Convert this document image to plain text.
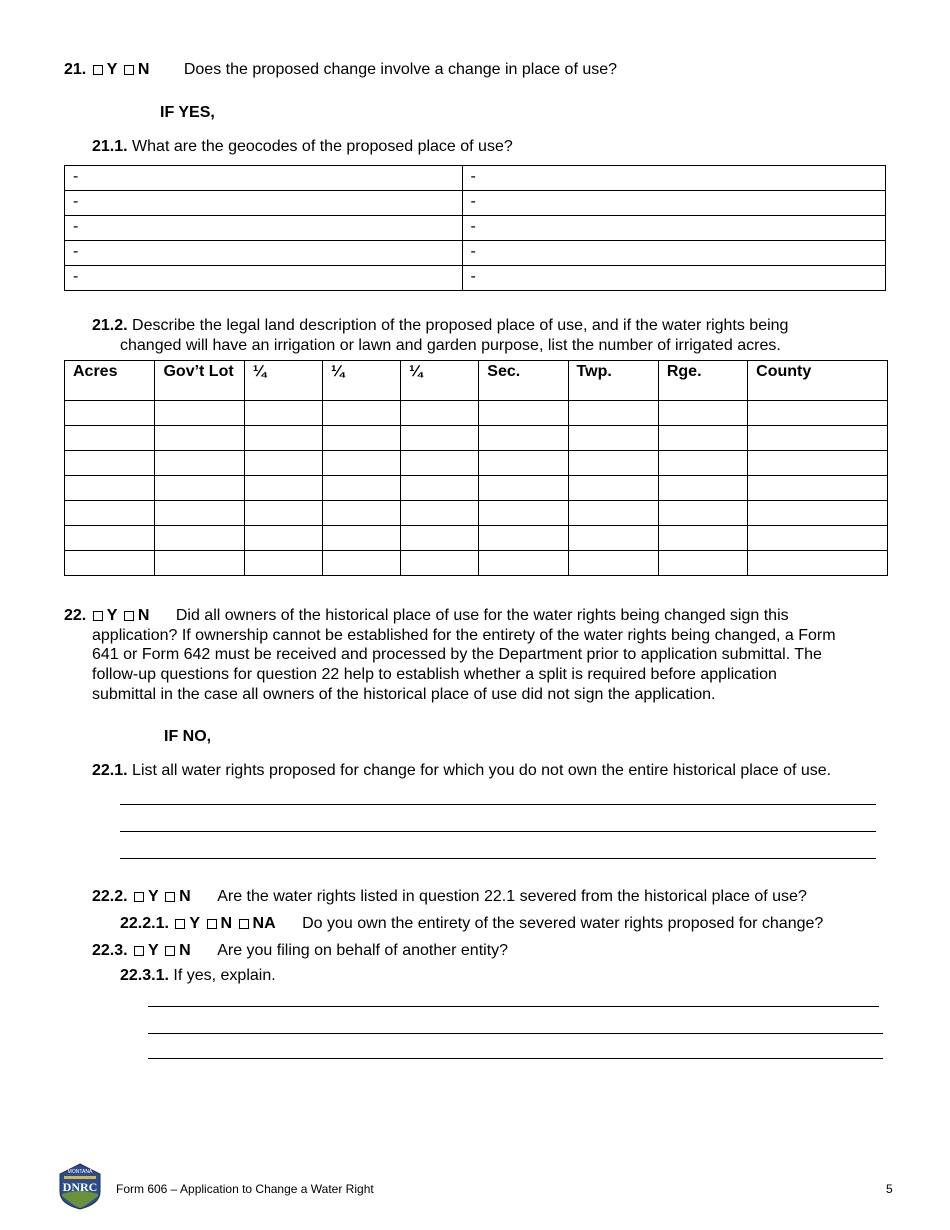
21. Y N Does the proposed change involve a change in place of use?
IF YES,
21.1. What are the geocodes of the proposed place of use?
-	-
-	-
-	-
-	-
-	-
21.2. Describe the legal land description of the proposed place of use, and if the water rights being
changed will have an irrigation or lawn and garden purpose, list the number of irrigated acres.
Acres	Gov’t Lot	¼	¼	¼	Sec.	Twp.	Rge.	County

22. Y N Did all owners of the historical place of use for the water rights being changed sign this
application? If ownership cannot be established for the entirety of the water rights being changed, a Form
641 or Form 642 must be received and processed by the Department prior to application submittal. The
follow-up questions for question 22 help to establish whether a split is required before application
submittal in the case all owners of the historical place of use did not sign the application.
IF NO,
22.1. List all water rights proposed for change for which you do not own the entire historical place of use.
22.2. Y N Are the water rights listed in question 22.1 severed from the historical place of use?
22.2.1. Y N NA Do you own the entirety of the severed water rights proposed for change?
22.3. Y N Are you filing on behalf of another entity?
22.3.1. If yes, explain.
MONTANA
DNRC Form 606 – Application to Change a Water Right	5
